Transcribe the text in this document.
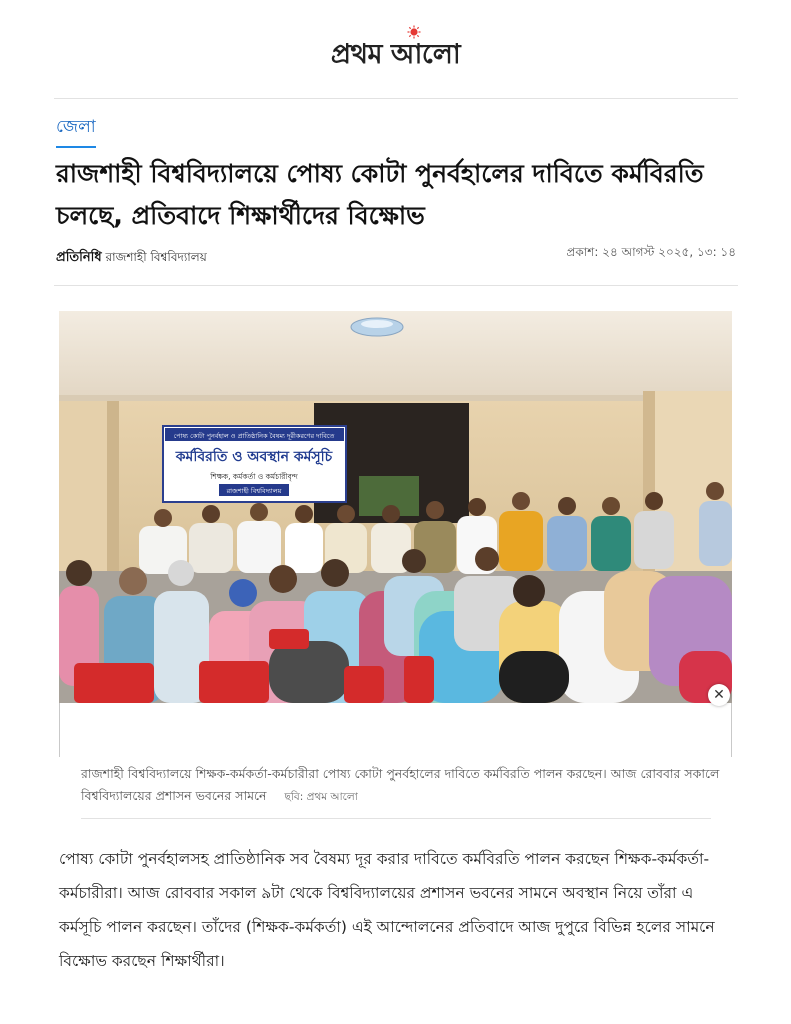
প্রথম আলো
জেলা
রাজশাহী বিশ্ববিদ্যালয়ে পোষ্য কোটা পুনর্বহালের দাবিতে কর্মবিরতি চলছে, প্রতিবাদে শিক্ষার্থীদের বিক্ষোভ
প্রতিনিধি রাজশাহী বিশ্ববিদ্যালয়	প্রকাশ: ২৪ আগস্ট ২০২৫, ১৩: ১৪
পোষ্য কোটা পুনর্বহাল ও প্রাতিষ্ঠানিক বৈষম্য দূরীকরণের দাবিতে
কর্মবিরতি ও অবস্থান কর্মসূচি
শিক্ষক, কর্মকর্তা ও কর্মচারীবৃন্দ
রাজশাহী বিশ্ববিদ্যালয়
✕
রাজশাহী বিশ্ববিদ্যালয়ে শিক্ষক-কর্মকর্তা-কর্মচারীরা পোষ্য কোটা পুনর্বহালের দাবিতে কর্মবিরতি পালন করছেন। আজ রোববার সকালে বিশ্ববিদ্যালয়ের প্রশাসন ভবনের সামনে ছবি: প্রথম আলো

পোষ্য কোটা পুনর্বহালসহ প্রাতিষ্ঠানিক সব বৈষম্য দূর করার দাবিতে কর্মবিরতি পালন করছেন শিক্ষক-কর্মকর্তা-কর্মচারীরা। আজ রোববার সকাল ৯টা থেকে বিশ্ববিদ্যালয়ের প্রশাসন ভবনের সামনে অবস্থান নিয়ে তাঁরা এ কর্মসূচি পালন করছেন। তাঁদের (শিক্ষক-কর্মকর্তা) এই আন্দোলনের প্রতিবাদে আজ দুপুরে বিভিন্ন হলের সামনে বিক্ষোভ করছেন শিক্ষার্থীরা।
